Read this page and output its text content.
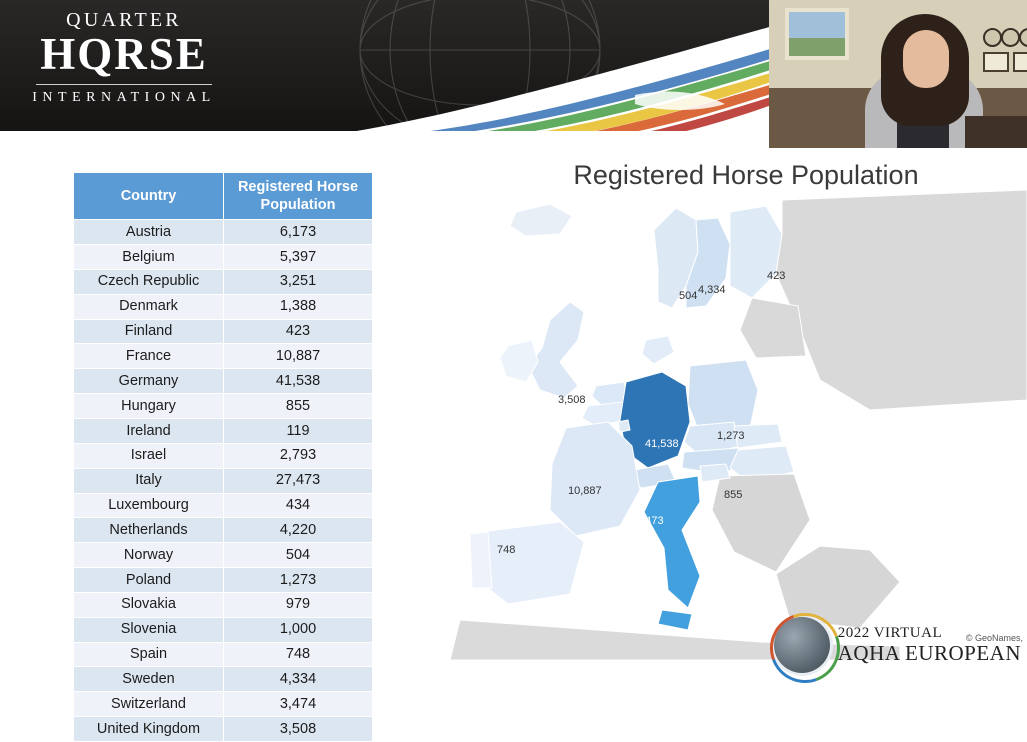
QUARTER
HQRSE
INTERNATIONAL
Registered Horse Population
Country	Registered Horse Population
Austria	6,173
Belgium	5,397
Czech Republic	3,251
Denmark	1,388
Finland	423
France	10,887
Germany	41,538
Hungary	855
Ireland	119
Israel	2,793
Italy	27,473
Luxembourg	434
Netherlands	4,220
Norway	504
Poland	1,273
Slovakia	979
Slovenia	1,000
Spain	748
Sweden	4,334
Switzerland	3,474
United Kingdom	3,508
504 4,334
423
3,508
41,538
1,273
10,887	855
27,473
748
© GeoNames,
2022 VIRTUAL
AQHA EUROPEAN
